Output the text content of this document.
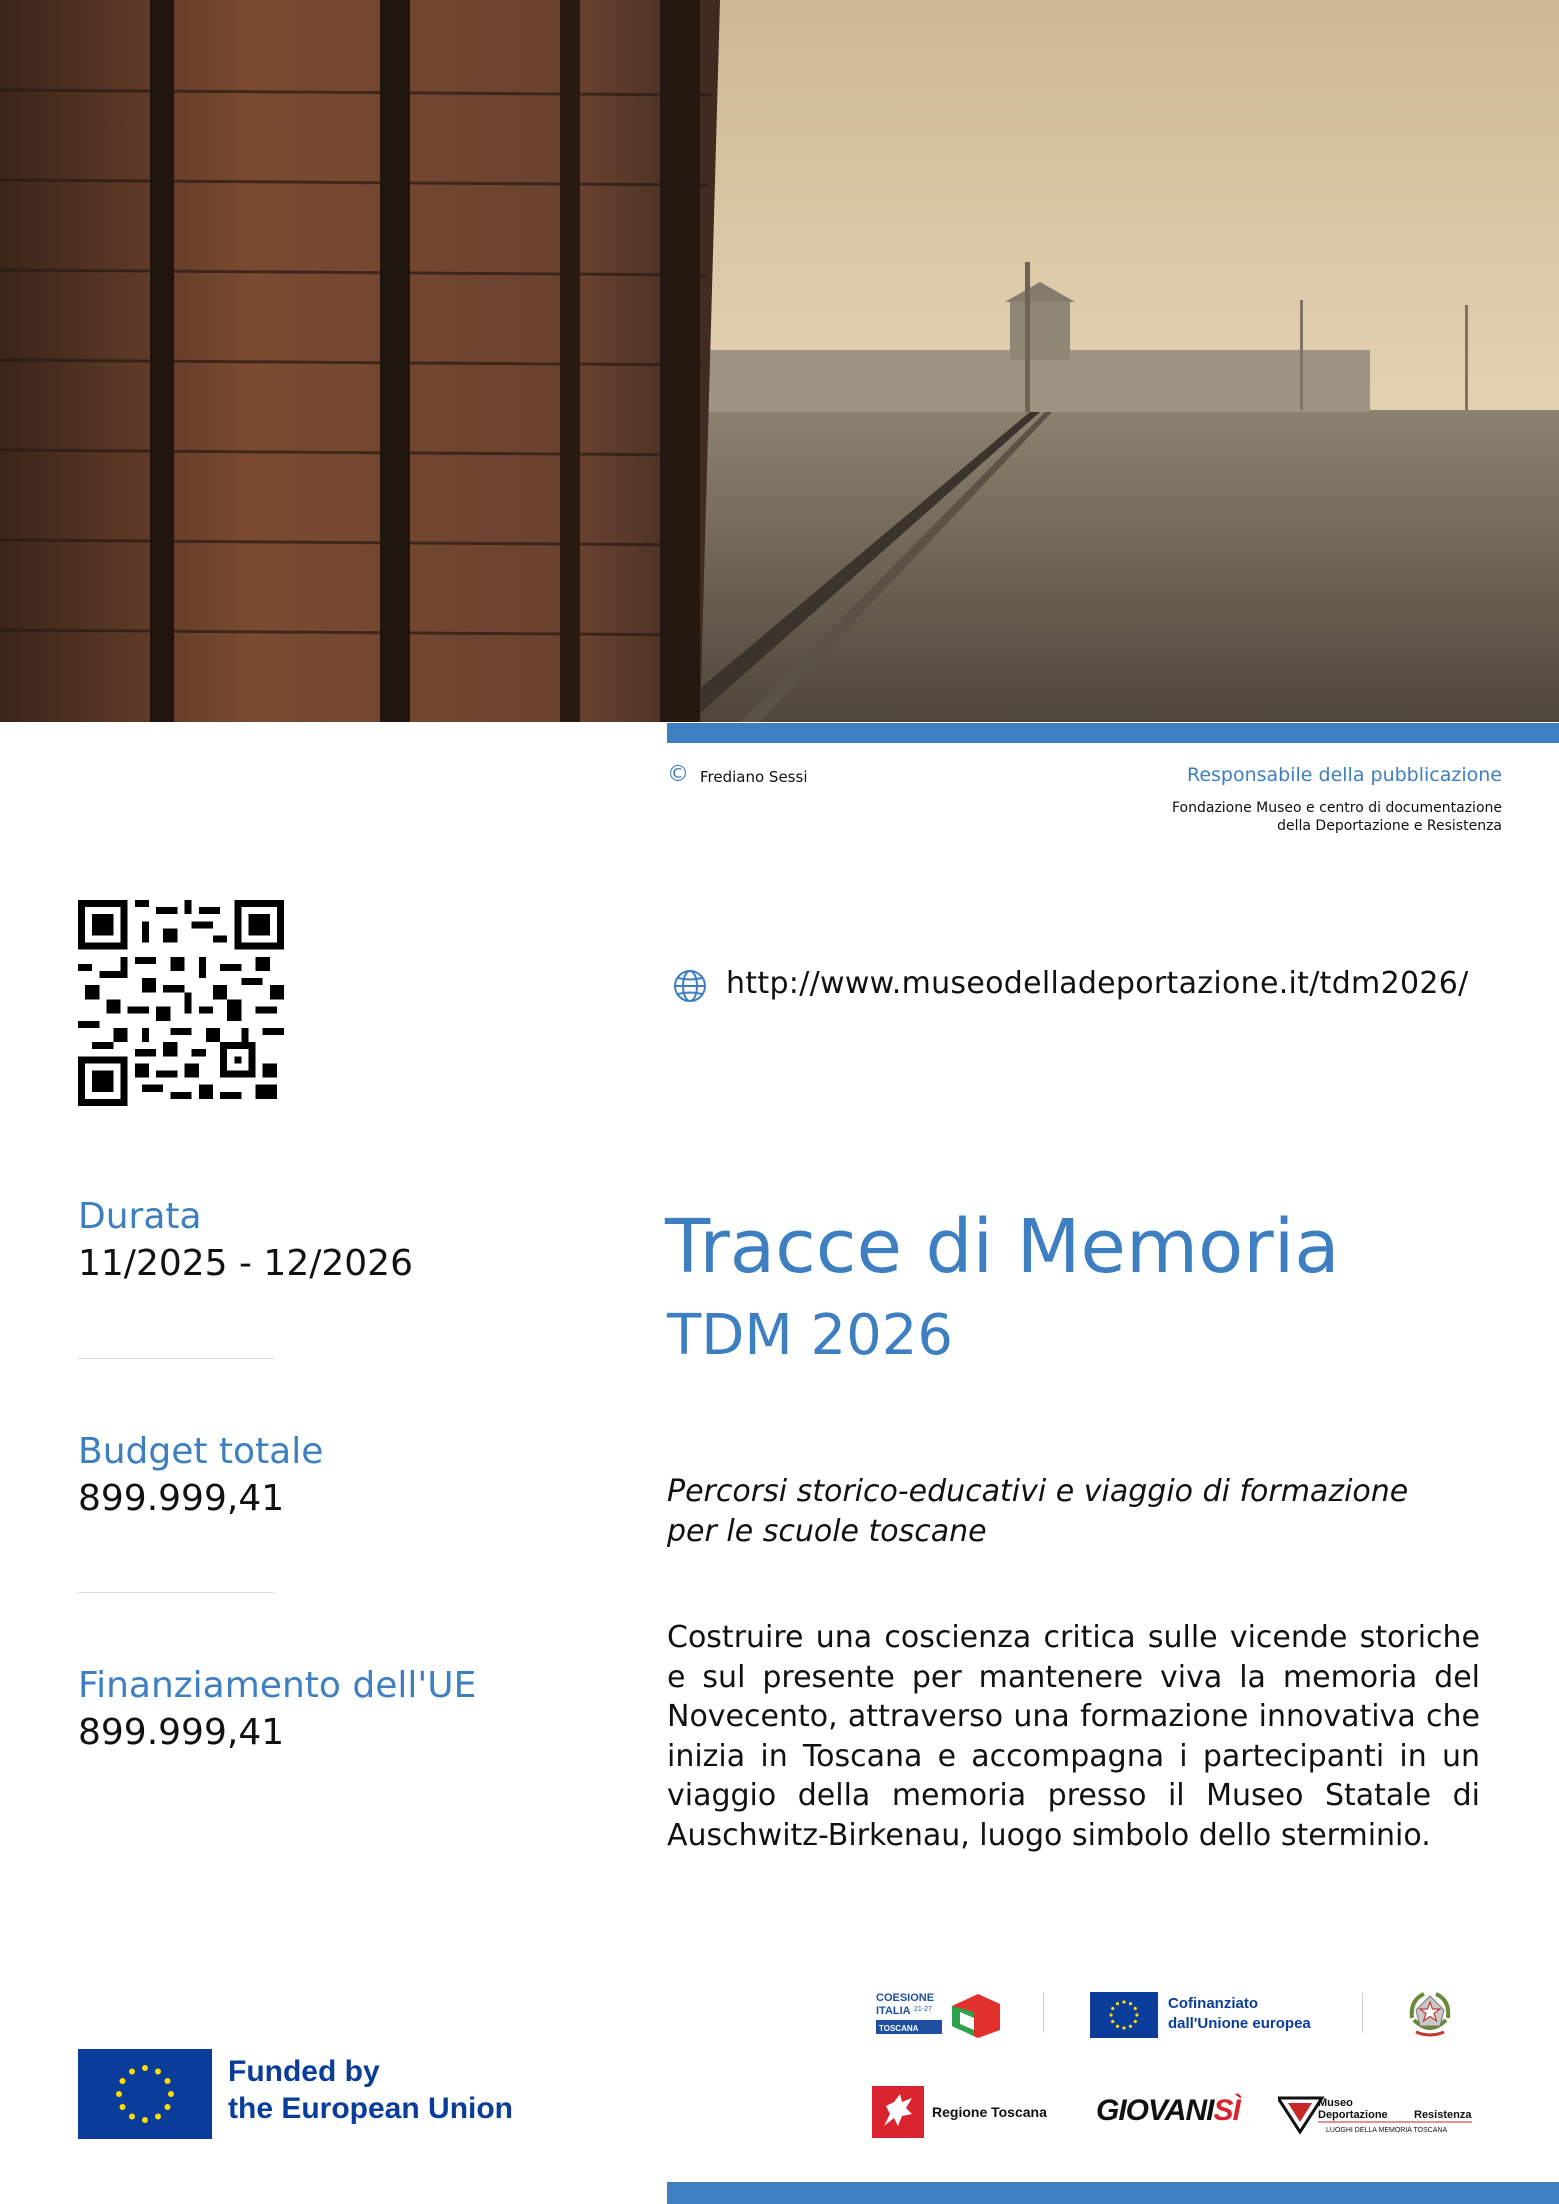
© Frediano Sessi	Responsabile della pubblicazione
Fondazione Museo e centro di documentazione
della Deportazione e Resistenza
http://www.museodelladeportazione.it/tdm2026/
Durata
11/2025 - 12/2026
Budget totale
899.999,41
Finanziamento dell'UE
899.999,41
Tracce di Memoria
TDM 2026
Percorsi storico-educativi e viaggio di formazione
per le scuole toscane
Costruire una coscienza critica sulle vicende storiche e sul presente per mantenere viva la memoria del Novecento, attraverso una formazione innovativa che inizia in Toscana e accompagna i partecipanti in un viaggio della memoria presso il Museo Statale di Auschwitz-Birkenau, luogo simbolo dello sterminio.
Funded by
the European Union
COESIONE
ITALIA 21-27
TOSCANA
Cofinanziato
dall'Unione europea
Regione Toscana GIOVANISÌ	Museo
Deportazione Resistenza
LUOGHI DELLA MEMORIA TOSCANA
